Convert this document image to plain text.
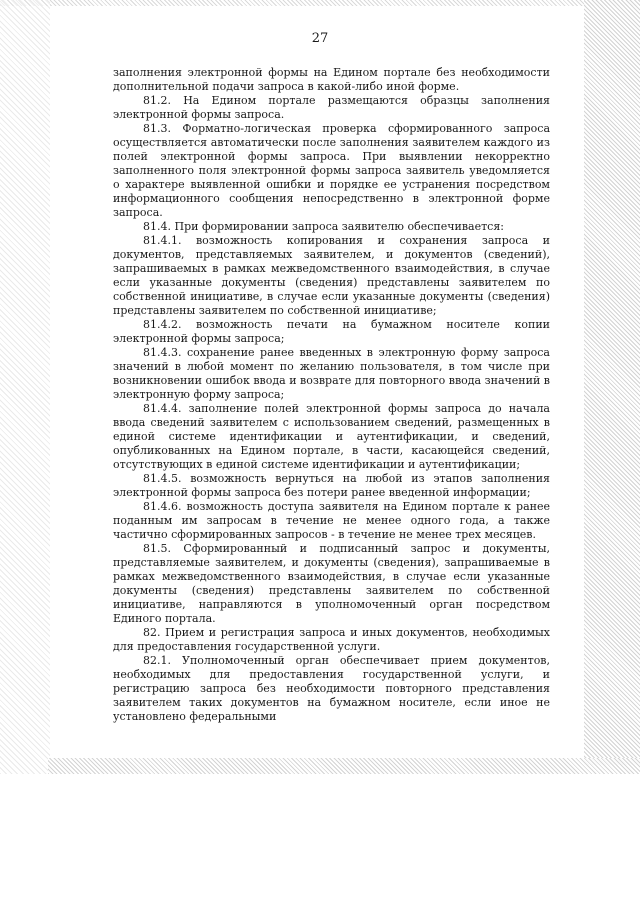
27

заполнения электронной формы на Едином портале без необходимости дополнительной подачи запроса в какой-либо иной форме.

81.2. На Едином портале размещаются образцы заполнения электронной формы запроса.

81.3. Форматно-логическая проверка сформированного запроса осуществляется автоматически после заполнения заявителем каждого из полей электронной формы запроса. При выявлении некорректно заполненного поля электронной формы запроса заявитель уведомляется о характере выявленной ошибки и порядке ее устранения посредством информационного сообщения непосредственно в электронной форме запроса.

81.4. При формировании запроса заявителю обеспечивается:

81.4.1. возможность копирования и сохранения запроса и документов, представляемых заявителем, и документов (сведений), запрашиваемых в рамках межведомственного взаимодействия, в случае если указанные документы (сведения) представлены заявителем по собственной инициативе, в случае если указанные документы (сведения) представлены заявителем по собственной инициативе;

81.4.2. возможность печати на бумажном носителе копии электронной формы запроса;

81.4.3. сохранение ранее введенных в электронную форму запроса значений в любой момент по желанию пользователя, в том числе при возникновении ошибок ввода и возврате для повторного ввода значений в электронную форму запроса;

81.4.4. заполнение полей электронной формы запроса до начала ввода сведений заявителем с использованием сведений, размещенных в единой системе идентификации и аутентификации, и сведений, опубликованных на Едином портале, в части, касающейся сведений, отсутствующих в единой системе идентификации и аутентификации;

81.4.5. возможность вернуться на любой из этапов заполнения электронной формы запроса без потери ранее введенной информации;

81.4.6. возможность доступа заявителя на Едином портале к ранее поданным им запросам в течение не менее одного года, а также частично сформированных запросов - в течение не менее трех месяцев.

81.5. Сформированный и подписанный запрос и документы, представляемые заявителем, и документы (сведения), запрашиваемые в рамках межведомственного взаимодействия, в случае если указанные документы (сведения) представлены заявителем по собственной инициативе, направляются в уполномоченный орган посредством Единого портала.

82. Прием и регистрация запроса и иных документов, необходимых для предоставления государственной услуги.

82.1. Уполномоченный орган обеспечивает прием документов, необходимых для предоставления государственной услуги, и регистрацию запроса без необходимости повторного представления заявителем таких документов на бумажном носителе, если иное не установлено федеральными
